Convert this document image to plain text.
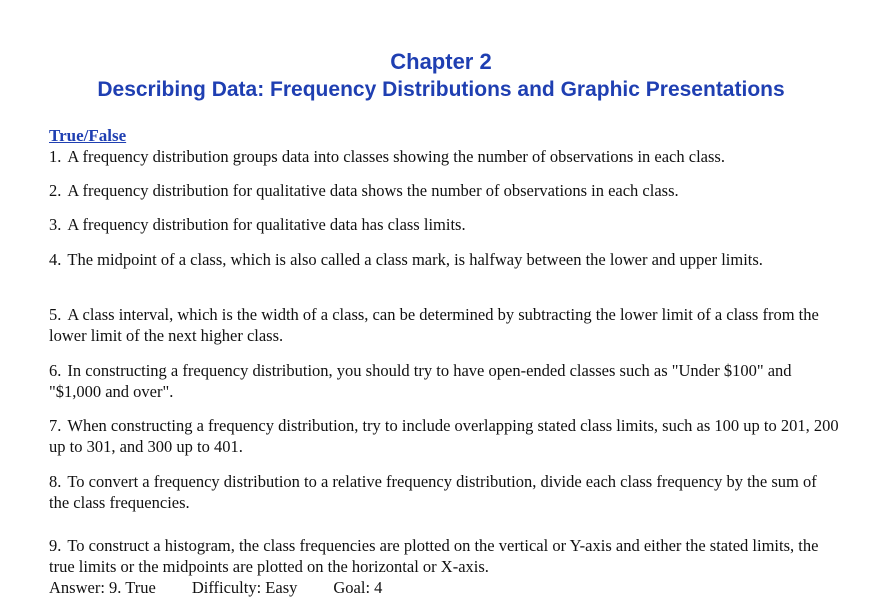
Chapter 2
Describing Data: Frequency Distributions and Graphic Presentations
True/False
1. A frequency distribution groups data into classes showing the number of observations in each class.
2. A frequency distribution for qualitative data shows the number of observations in each class.
3. A frequency distribution for qualitative data has class limits.
4. The midpoint of a class, which is also called a class mark, is halfway between the lower and upper limits.
5. A class interval, which is the width of a class, can be determined by subtracting the lower limit of a class from the lower limit of the next higher class.
6. In constructing a frequency distribution, you should try to have open-ended classes such as "Under $100" and "$1,000 and over".
7. When constructing a frequency distribution, try to include overlapping stated class limits, such as 100 up to 201, 200 up to 301, and 300 up to 401.
8. To convert a frequency distribution to a relative frequency distribution, divide each class frequency by the sum of the class frequencies.
9. To construct a histogram, the class frequencies are plotted on the vertical or Y-axis and either the stated limits, the true limits or the midpoints are plotted on the horizontal or X-axis.
Answer: 9. True Difficulty: Easy Goal: 4
